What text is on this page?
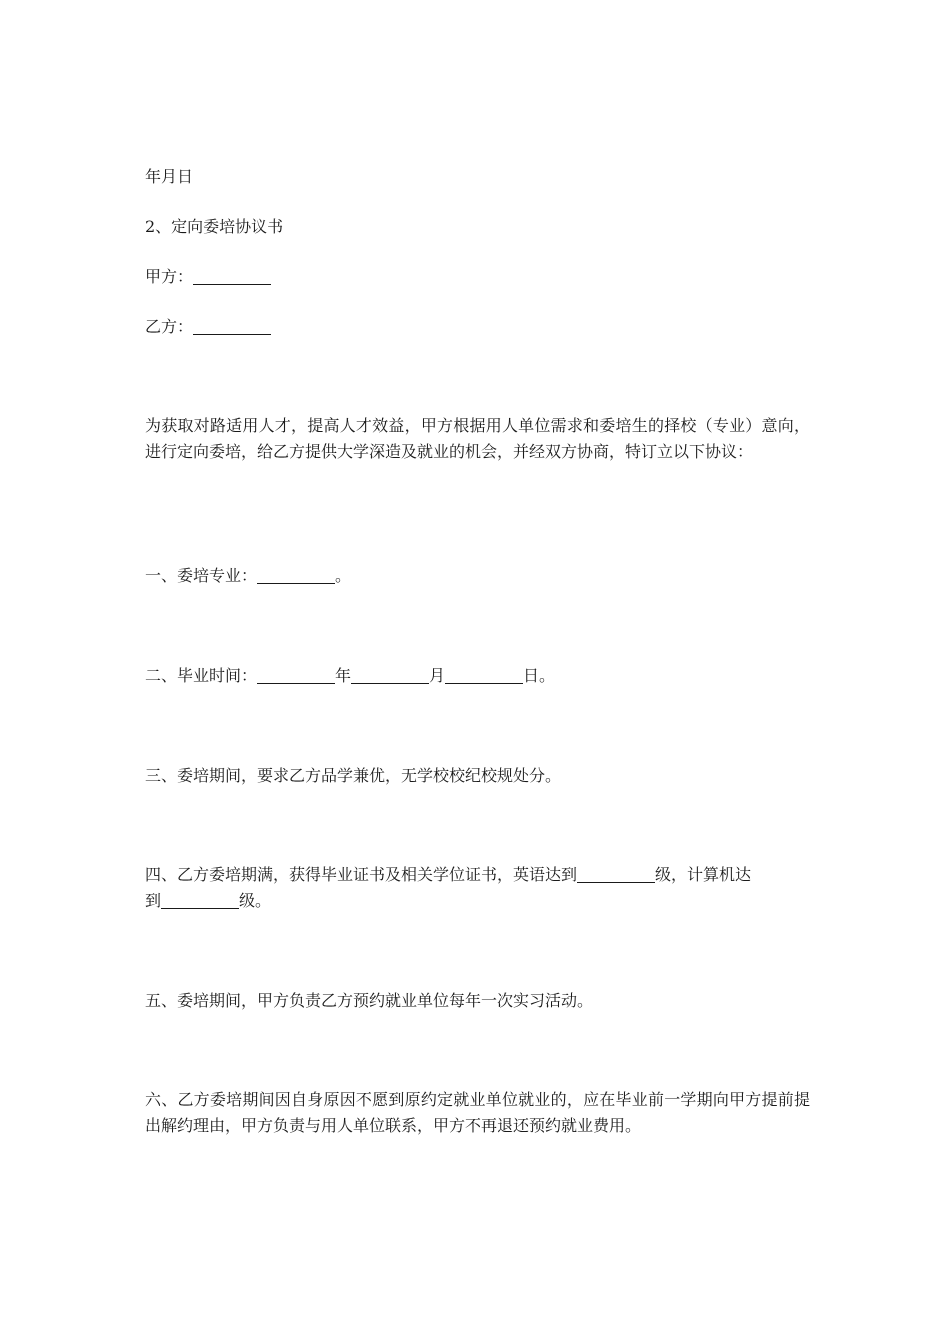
年月日
2、定向委培协议书
甲方：
乙方：
为获取对路适用人才，提高人才效益，甲方根据用人单位需求和委培生的择校（专业）意向，进行定向委培，给乙方提供大学深造及就业的机会，并经双方协商，特订立以下协议：
一、委培专业：	。
二、毕业时间：	年	月	日。
三、委培期间，要求乙方品学兼优，无学校校纪校规处分。
四、乙方委培期满，获得毕业证书及相关学位证书，英语达到	级，计算机达
到	级。
五、委培期间，甲方负责乙方预约就业单位每年一次实习活动。
六、乙方委培期间因自身原因不愿到原约定就业单位就业的，应在毕业前一学期向甲方提前提出解约理由，甲方负责与用人单位联系，甲方不再退还预约就业费用。
